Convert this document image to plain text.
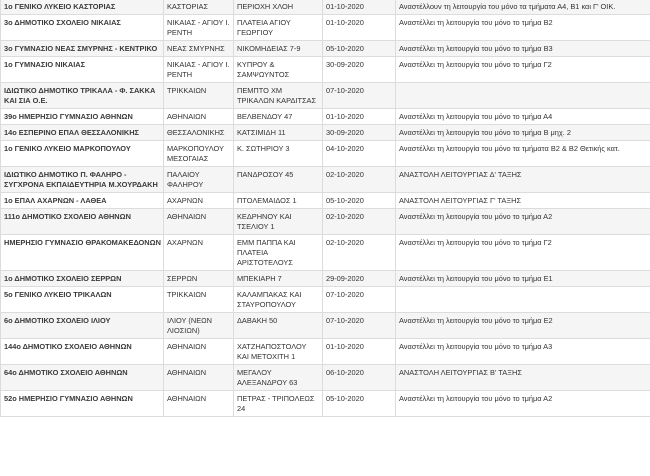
1ο ΓΕΝΙΚΟ ΛΥΚΕΙΟ ΚΑΣΤΟΡΙΑΣ	ΚΑΣΤΟΡΙΑΣ	ΠΕΡΙΟΧΗ ΧΛΟΗ	01-10-2020	Αναστέλλουν τη λειτουργία του μόνο τα τμήματα Α4, Β1 και Γ' ΟΙΚ.
3ο ΔΗΜΟΤΙΚΟ ΣΧΟΛΕΙΟ ΝΙΚΑΙΑΣ	ΝΙΚΑΙΑΣ - ΑΓΙΟΥ Ι. ΡΕΝΤΗ	ΠΛΑΤΕΙΑ ΑΓΙΟΥ ΓΕΩΡΓΙΟΥ	01-10-2020	Αναστέλλει τη λειτουργία του μόνο το τμήμα Β2
3ο ΓΥΜΝΑΣΙΟ ΝΕΑΣ ΣΜΥΡΝΗΣ - ΚΕΝΤΡΙΚΟ	ΝΕΑΣ ΣΜΥΡΝΗΣ	ΝΙΚΟΜΗΔΕΙΑΣ 7-9	05-10-2020	Αναστέλλει τη λειτουργία του μόνο το τμήμα Β3
1ο ΓΥΜΝΑΣΙΟ ΝΙΚΑΙΑΣ	ΝΙΚΑΙΑΣ - ΑΓΙΟΥ Ι. ΡΕΝΤΗ	ΚΥΠΡΟΥ & ΣΑΜΨΩΥΝΤΟΣ	30-09-2020	Αναστέλλει τη λειτουργία του μόνο το τμήμα Γ2
ΙΔΙΩΤΙΚΟ ΔΗΜΟΤΙΚΟ ΤΡΙΚΑΛΑ - Φ. ΣΑΚΚΑ ΚΑΙ ΣΙΑ Ο.Ε.	ΤΡΙΚΚΑΙΩΝ	ΠΕΜΠΤΟ ΧΜ ΤΡΙΚΑΛΩΝ ΚΑΡΔΙΤΣΑΣ	07-10-2020	
39ο ΗΜΕΡΗΣΙΟ ΓΥΜΝΑΣΙΟ ΑΘΗΝΩΝ	ΑΘΗΝΑΙΩΝ	ΒΕΛΒΕΝΔΟΥ 47	01-10-2020	Αναστέλλει τη λειτουργία του μόνο το τμήμα Α4
14ο ΕΣΠΕΡΙΝΟ ΕΠΑΛ ΘΕΣΣΑΛΟΝΙΚΗΣ	ΘΕΣΣΑΛΟΝΙΚΗΣ	ΚΑΤΣΙΜΙΔΗ 11	30-09-2020	Αναστέλλει τη λειτουργία του μόνο το τμήμα Β μηχ. 2
1ο ΓΕΝΙΚΟ ΛΥΚΕΙΟ ΜΑΡΚΟΠΟΥΛΟΥ	ΜΑΡΚΟΠΟΥΛΟΥ ΜΕΣΟΓΑΙΑΣ	Κ. ΣΩΤΗΡΙΟΥ 3	04-10-2020	Αναστέλλει τη λειτουργία του μόνο τα τμήματα Β2 & Β2 Θετικής κατ.
ΙΔΙΩΤΙΚΟ ΔΗΜΟΤΙΚΟ Π. ΦΑΛΗΡΟ - ΣΥΓΧΡΟΝΑ ΕΚΠΑΙΔΕΥΤΗΡΙΑ Μ.ΧΟΥΡΔΑΚΗ	ΠΑΛΑΙΟΥ ΦΑΛΗΡΟΥ	ΠΑΝΔΡΟΣΟΥ 45	02-10-2020	ΑΝΑΣΤΟΛΗ ΛΕΙΤΟΥΡΓΙΑΣ Δ' ΤΑΞΗΣ
1ο ΕΠΑΛ ΑΧΑΡΝΩΝ - ΛΑΘΕΑ	ΑΧΑΡΝΩΝ	ΠΤΟΛΕΜΑΙΔΟΣ 1	05-10-2020	ΑΝΑΣΤΟΛΗ ΛΕΙΤΟΥΡΓΙΑΣ Γ' ΤΑΞΗΣ
111ο ΔΗΜΟΤΙΚΟ ΣΧΟΛΕΙΟ ΑΘΗΝΩΝ	ΑΘΗΝΑΙΩΝ	ΚΕΔΡΗΝΟΥ ΚΑΙ ΤΣΕΛΙΟΥ 1	02-10-2020	Αναστέλλει τη λειτουργία του μόνο το τμήμα Α2
ΗΜΕΡΗΣΙΟ ΓΥΜΝΑΣΙΟ ΘΡΑΚΟΜΑΚΕΔΟΝΩΝ	ΑΧΑΡΝΩΝ	ΕΜΜ ΠΑΠΠΑ ΚΑΙ ΠΛΑΤΕΙΑ ΑΡΙΣΤΟΤΕΛΟΥΣ	02-10-2020	Αναστέλλει τη λειτουργία του μόνο το τμήμα Γ2
1ο ΔΗΜΟΤΙΚΟ ΣΧΟΛΕΙΟ ΣΕΡΡΩΝ	ΣΕΡΡΩΝ	ΜΠΕΚΙΑΡΗ 7	29-09-2020	Αναστέλλει τη λειτουργία του μόνο το τμήμα Ε1
5ο ΓΕΝΙΚΟ ΛΥΚΕΙΟ ΤΡΙΚΑΛΩΝ	ΤΡΙΚΚΑΙΩΝ	ΚΑΛΑΜΠΑΚΑΣ ΚΑΙ ΣΤΑΥΡΟΠΟΥΛΟΥ	07-10-2020	
6ο ΔΗΜΟΤΙΚΟ ΣΧΟΛΕΙΟ ΙΛΙΟΥ	ΙΛΙΟΥ (ΝΕΩΝ ΛΙΟΣΙΩΝ)	ΔΑΒΑΚΗ 50	07-10-2020	Αναστέλλει τη λειτουργία του μόνο το τμήμα Ε2
144ο ΔΗΜΟΤΙΚΟ ΣΧΟΛΕΙΟ ΑΘΗΝΩΝ	ΑΘΗΝΑΙΩΝ	ΧΑΤΖΗΑΠΟΣΤΟΛΟΥ ΚΑΙ ΜΕΤΟΧΙΤΗ 1	01-10-2020	Αναστέλλει τη λειτουργία του μόνο το τμήμα Α3
64ο ΔΗΜΟΤΙΚΟ ΣΧΟΛΕΙΟ ΑΘΗΝΩΝ	ΑΘΗΝΑΙΩΝ	ΜΕΓΑΛΟΥ ΑΛΕΞΑΝΔΡΟΥ 63	06-10-2020	ΑΝΑΣΤΟΛΗ ΛΕΙΤΟΥΡΓΙΑΣ Β' ΤΑΞΗΣ
52ο ΗΜΕΡΗΣΙΟ ΓΥΜΝΑΣΙΟ ΑΘΗΝΩΝ	ΑΘΗΝΑΙΩΝ	ΠΕΤΡΑΣ - ΤΡΙΠΟΛΕΩΣ 24	05-10-2020	Αναστέλλει τη λειτουργία του μόνο το τμήμα Α2
